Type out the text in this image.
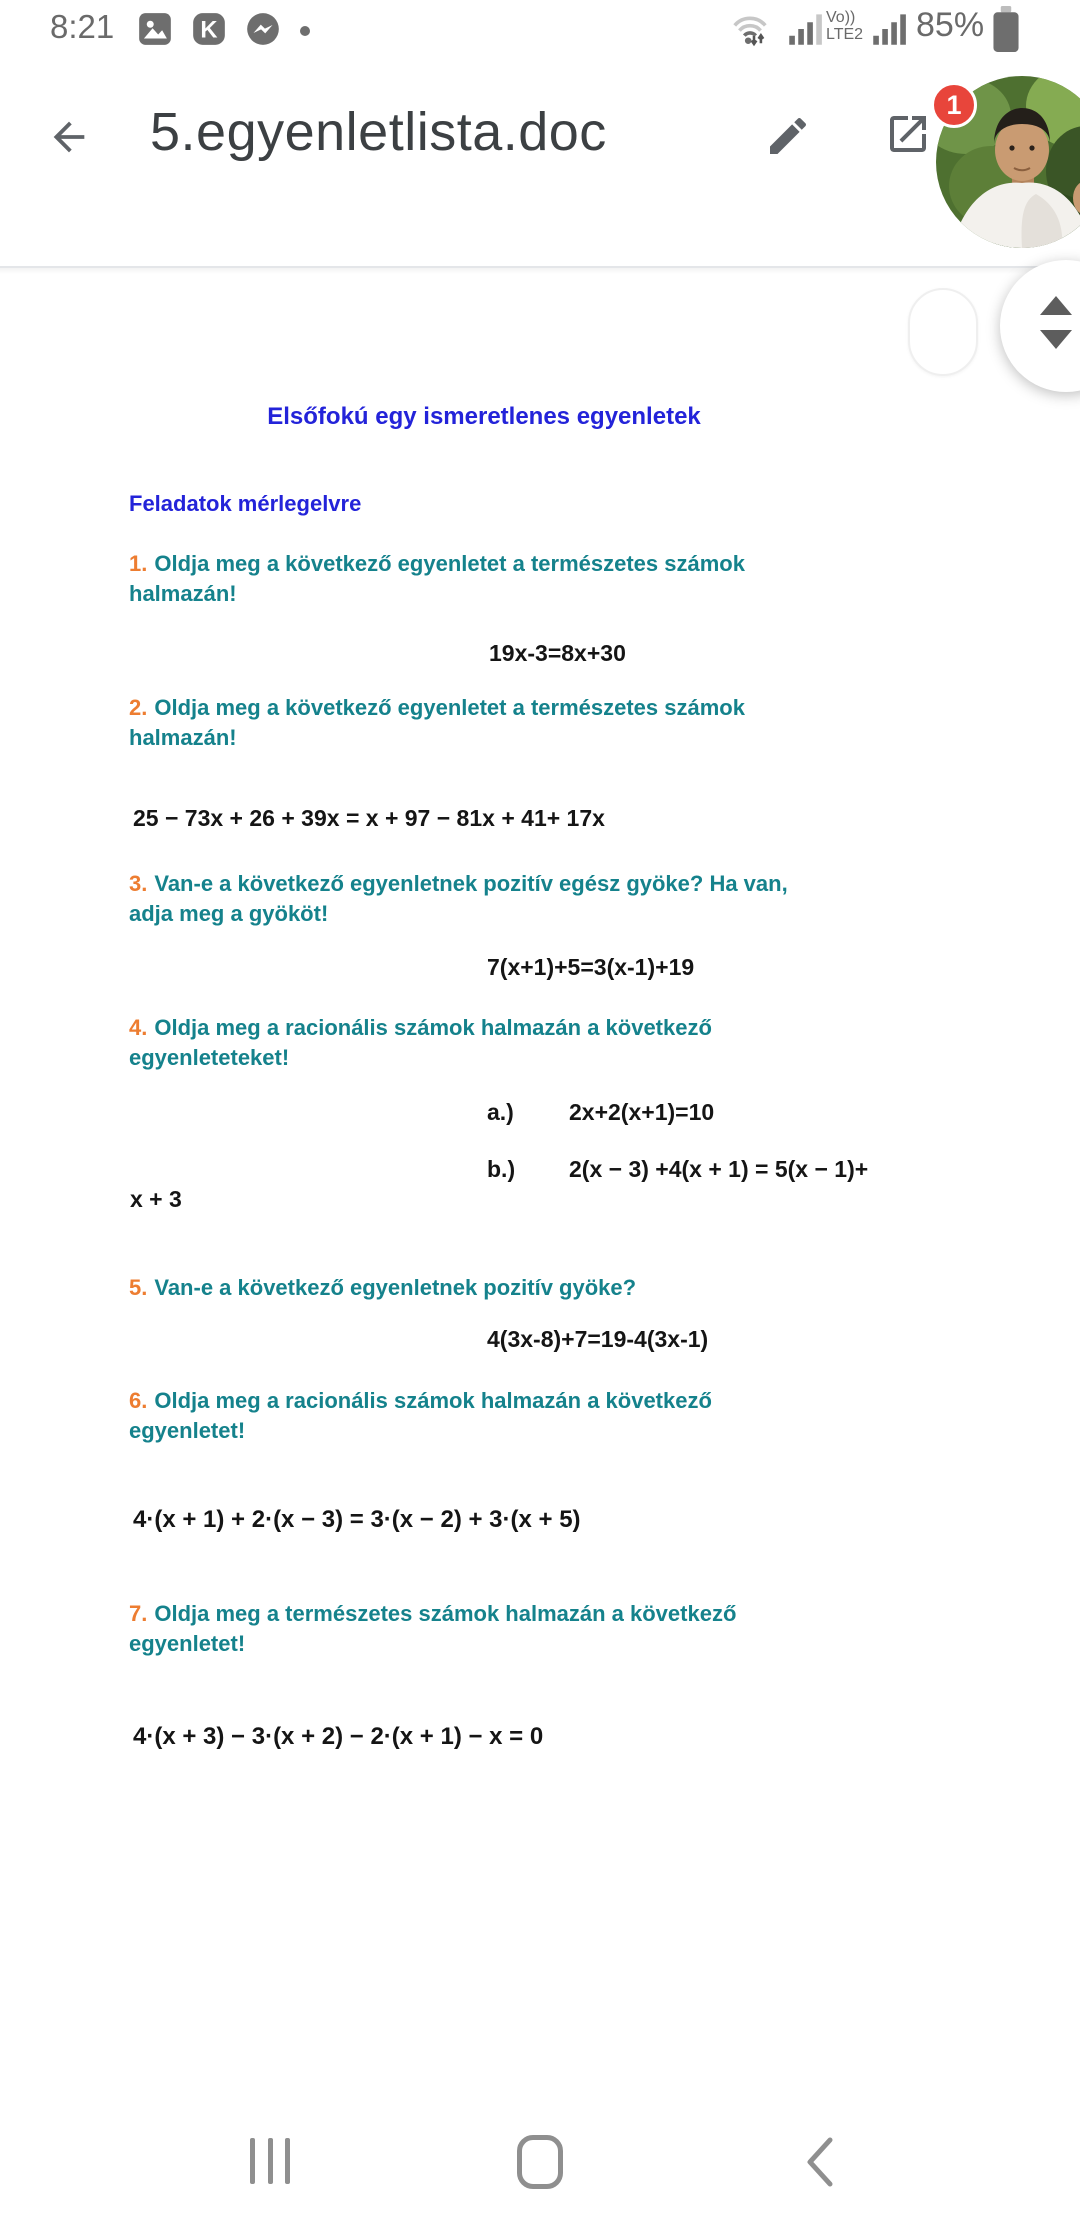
8:21	K	Vo))
LTE2 85%
5.egyenletlista.doc	1
Elsőfokú egy ismeretlenes egyenletek
Feladatok mérlegelvre
1. Oldja meg a következő egyenletet a természetes számok halmazán!
19x-3=8x+30
2. Oldja meg a következő egyenletet a természetes számok halmazán!
25 − 73x + 26 + 39x = x + 97 − 81x + 41+ 17x
3. Van-e a következő egyenletnek pozitív egész gyöke? Ha van, adja meg a gyököt!
7(x+1)+5=3(x-1)+19
4. Oldja meg a racionális számok halmazán a következő egyenleteteket!
a.) 2x+2(x+1)=10
b.) 2(x − 3) +4(x + 1) = 5(x − 1)+
x + 3
5. Van-e a következő egyenletnek pozitív gyöke?
4(3x-8)+7=19-4(3x-1)
6. Oldja meg a racionális számok halmazán a következő egyenletet!
4·(x + 1) + 2·(x − 3) = 3·(x − 2) + 3·(x + 5)
7. Oldja meg a természetes számok halmazán a következő egyenletet!
4·(x + 3) − 3·(x + 2) − 2·(x + 1) − x = 0
